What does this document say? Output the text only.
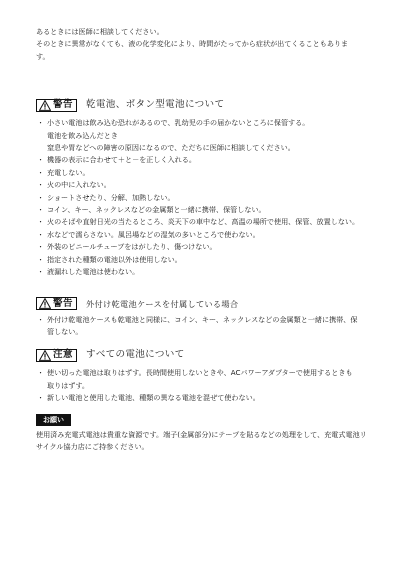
あるときには医師に相談してください。

そのときに異常がなくても、液の化学変化により、時間がたってから症状が出てくることもありま

す。

警告 乾電池、ボタン型電池について
・ 小さい電池は飲み込む恐れがあるので、乳幼児の手の届かないところに保管する。
電池を飲み込んだとき
窒息や胃などへの障害の原因になるので、ただちに医師に相談してください。
・ 機器の表示に合わせて＋と－を正しく入れる。
・ 充電しない。
・ 火の中に入れない。
・ ショートさせたり、分解、加熱しない。
・ コイン、キー、ネックレスなどの金属類と一緒に携帯、保管しない。
・ 火のそばや直射日光の当たるところ、炎天下の車中など、高温の場所で使用、保管、放置しない。
・ 水などで濡らさない。風呂場などの湿気の多いところで使わない。
・ 外装のビニールチューブをはがしたり、傷つけない。
・ 指定された種類の電池以外は使用しない。
・ 液漏れした電池は使わない。
警告 外付け乾電池ケースを付属している場合
・ 外付け乾電池ケースも乾電池と同様に、コイン、キー、ネックレスなどの金属類と一緒に携帯、保
管しない。
注意 すべての電池について
・ 使い切った電池は取りはずす。長時間使用しないときや、ACパワーアダプターで使用するときも
取りはずす。
・ 新しい電池と使用した電池、種類の異なる電池を混ぜて使わない。
お願い

使用済み充電式電池は貴重な資源です。端子(金属部分)にテープを貼るなどの処理をして、充電式電池リ

サイクル協力店にご持参ください。
